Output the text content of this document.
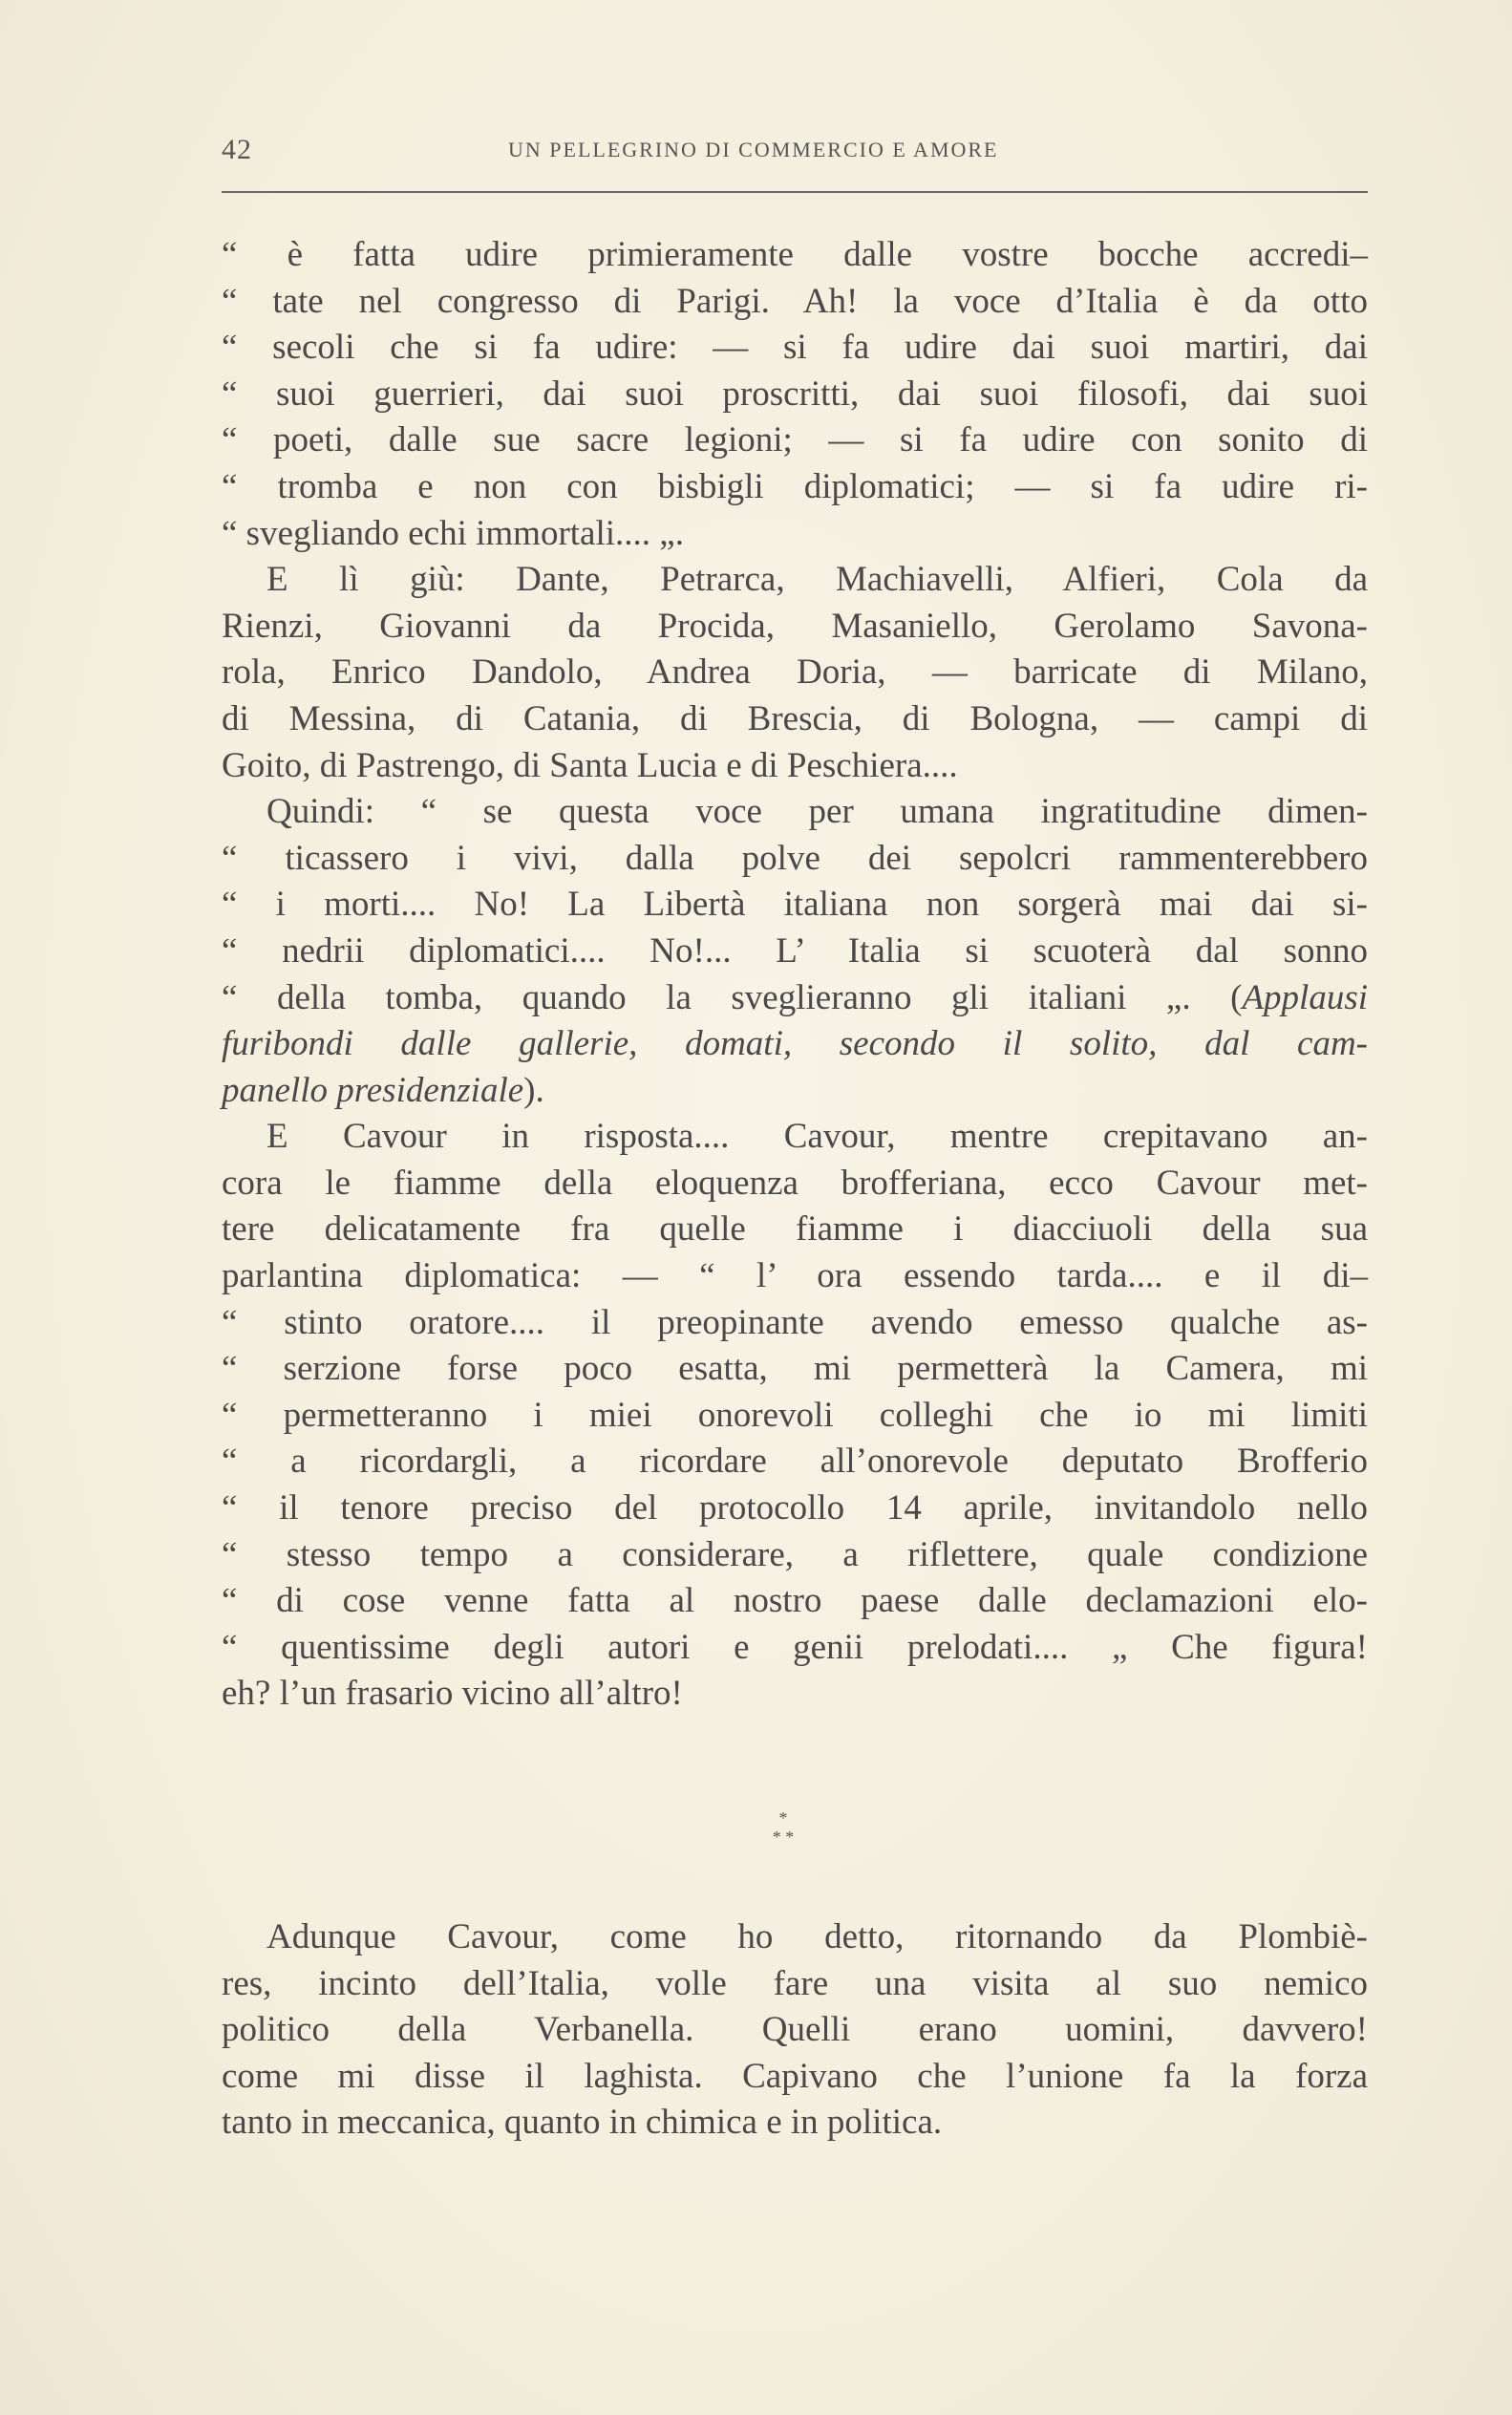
42	UN PELLEGRINO DI COMMERCIO E AMORE
“ è fatta udire primieramente dalle vostre bocche accredi–
“ tate nel congresso di Parigi. Ah! la voce d’Italia è da otto
“ secoli che si fa udire: — si fa udire dai suoi martiri, dai
“ suoi guerrieri, dai suoi proscritti, dai suoi filosofi, dai suoi
“ poeti, dalle sue sacre legioni; — si fa udire con sonito di
“ tromba e non con bisbigli diplomatici; — si fa udire ri-
“ svegliando echi immortali.... „.
E lì giù: Dante, Petrarca, Machiavelli, Alfieri, Cola da
Rienzi, Giovanni da Procida, Masaniello, Gerolamo Savona-
rola, Enrico Dandolo, Andrea Doria, — barricate di Milano,
di Messina, di Catania, di Brescia, di Bologna, — campi di
Goito, di Pastrengo, di Santa Lucia e di Peschiera....
Quindi: “ se questa voce per umana ingratitudine dimen-
“ ticassero i vivi, dalla polve dei sepolcri rammenterebbero
“ i morti.... No! La Libertà italiana non sorgerà mai dai si-
“ nedrii diplomatici.... No!... L’ Italia si scuoterà dal sonno
“ della tomba, quando la sveglieranno gli italiani „. (Applausi
furibondi dalle gallerie, domati, secondo il solito, dal cam-
panello presidenziale).
E Cavour in risposta.... Cavour, mentre crepitavano an-
cora le fiamme della eloquenza brofferiana, ecco Cavour met-
tere delicatamente fra quelle fiamme i diacciuoli della sua
parlantina diplomatica: — “ l’ ora essendo tarda.... e il di–
“ stinto oratore.... il preopinante avendo emesso qualche as-
“ serzione forse poco esatta, mi permetterà la Camera, mi
“ permetteranno i miei onorevoli colleghi che io mi limiti
“ a ricordargli, a ricordare all’onorevole deputato Brofferio
“ il tenore preciso del protocollo 14 aprile, invitandolo nello
“ stesso tempo a considerare, a riflettere, quale condizione
“ di cose venne fatta al nostro paese dalle declamazioni elo-
“ quentissime degli autori e genii prelodati.... „ Che figura!
eh? l’un frasario vicino all’altro!
*
* *
Adunque Cavour, come ho detto, ritornando da Plombiè-
res, incinto dell’Italia, volle fare una visita al suo nemico
politico della Verbanella. Quelli erano uomini, davvero!
come mi disse il laghista. Capivano che l’unione fa la forza
tanto in meccanica, quanto in chimica e in politica.
